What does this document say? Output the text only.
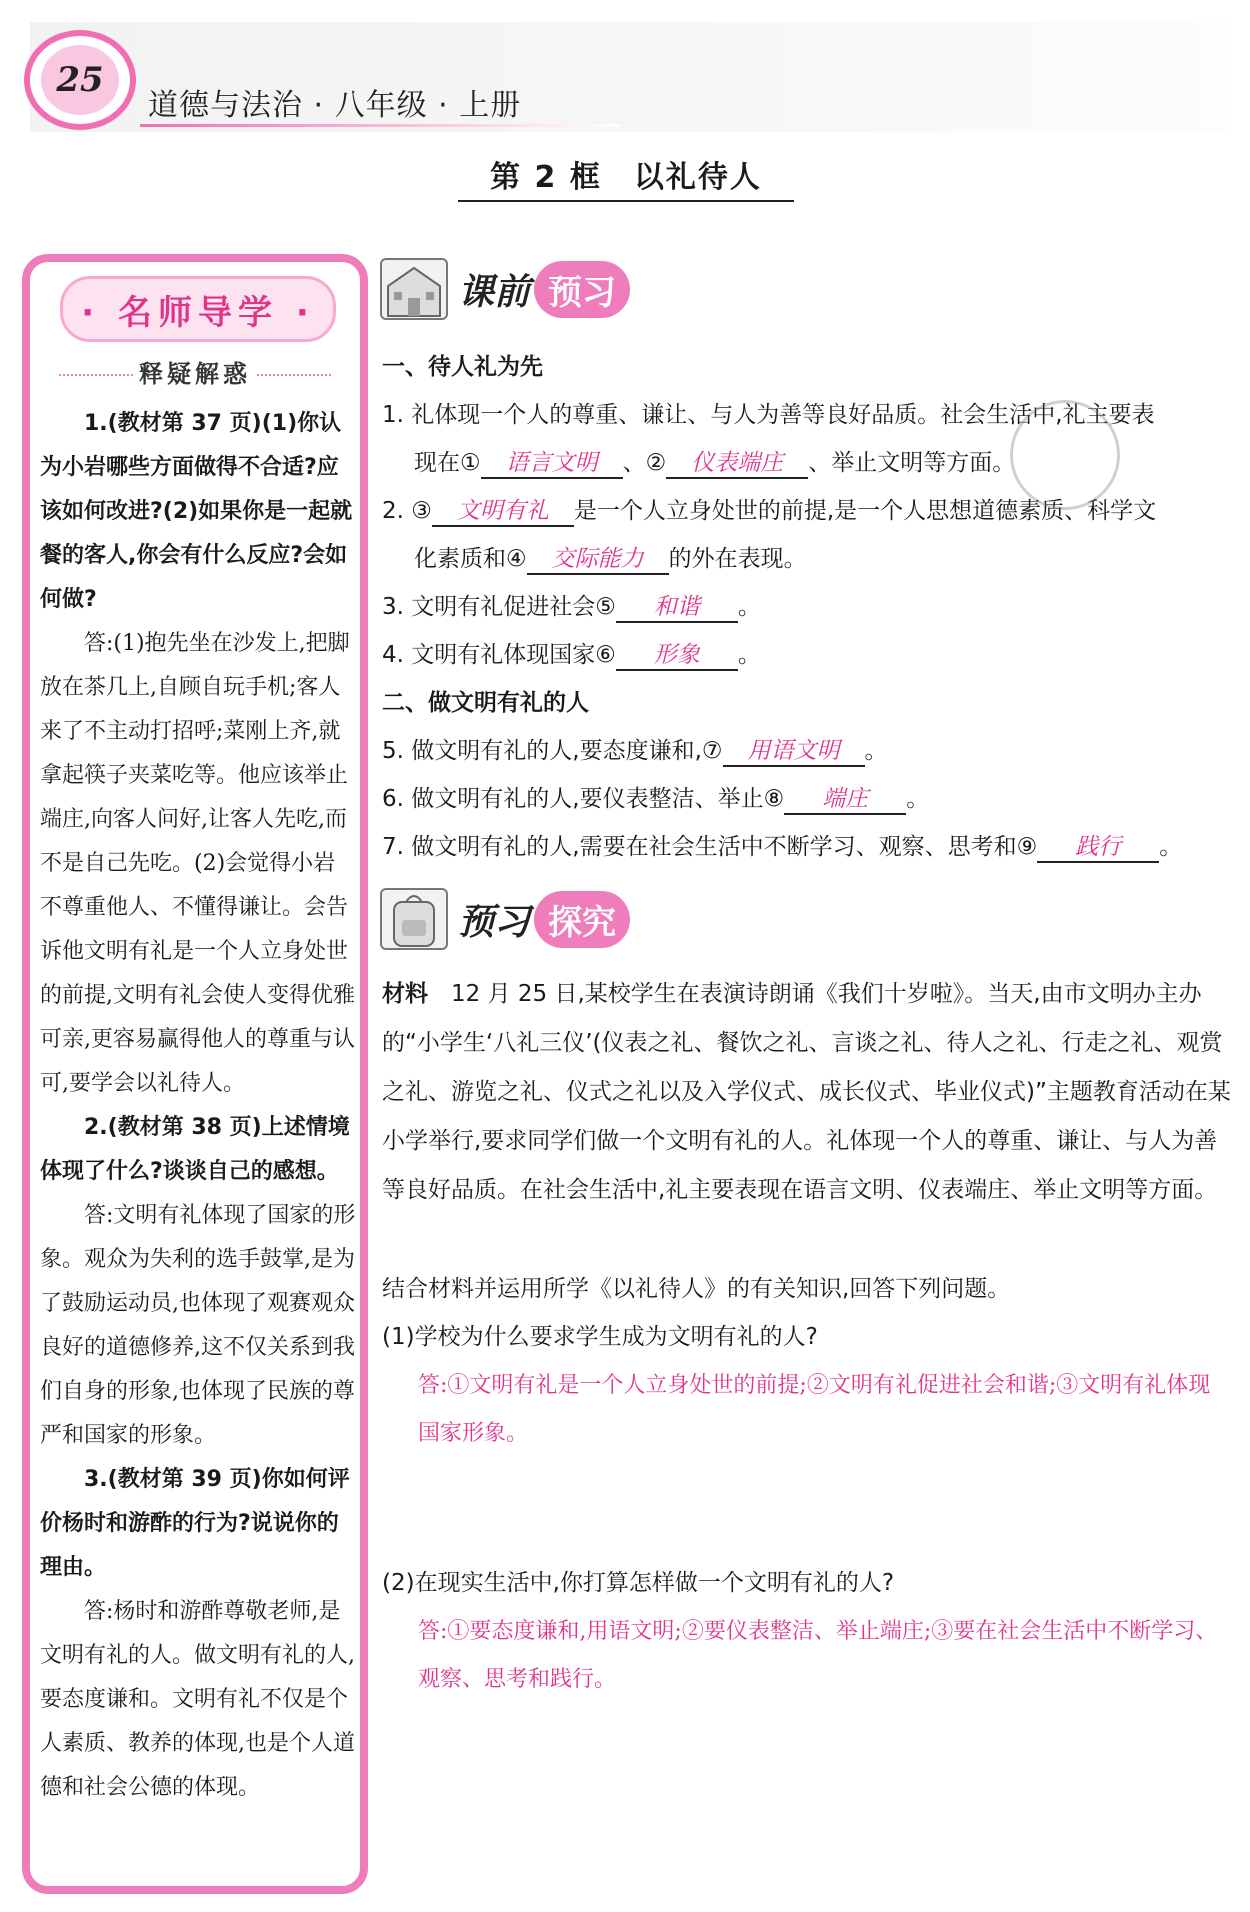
25
道德与法治 · 八年级 · 上册
第 2 框　以礼待人
· 名师导学 ·
释疑解惑
1.(教材第 37 页)(1)你认为小岩哪些方面做得不合适?应该如何改进?(2)如果你是一起就餐的客人,你会有什么反应?会如何做?
答:(1)抱先坐在沙发上,把脚放在茶几上,自顾自玩手机;客人来了不主动打招呼;菜刚上齐,就拿起筷子夹菜吃等。他应该举止端庄,向客人问好,让客人先吃,而不是自己先吃。(2)会觉得小岩不尊重他人、不懂得谦让。会告诉他文明有礼是一个人立身处世的前提,文明有礼会使人变得优雅可亲,更容易赢得他人的尊重与认可,要学会以礼待人。
2.(教材第 38 页)上述情境体现了什么?谈谈自己的感想。
答:文明有礼体现了国家的形象。观众为失利的选手鼓掌,是为了鼓励运动员,也体现了观赛观众良好的道德修养,这不仅关系到我们自身的形象,也体现了民族的尊严和国家的形象。
3.(教材第 39 页)你如何评价杨时和游酢的行为?说说你的理由。
答:杨时和游酢尊敬老师,是文明有礼的人。做文明有礼的人,要态度谦和。文明有礼不仅是个人素质、教养的体现,也是个人道德和社会公德的体现。
课前 预习
一、待人礼为先
1. 礼体现一个人的尊重、谦让、与人为善等良好品质。社会生活中,礼主要表
现在① 语言文明 、② 仪表端庄 、举止文明等方面。
2. ③ 文明有礼 是一个人立身处世的前提,是一个人思想道德素质、科学文
化素质和④ 交际能力 的外在表现。
3. 文明有礼促进社会⑤ 和谐 。
4. 文明有礼体现国家⑥ 形象 。
二、做文明有礼的人
5. 做文明有礼的人,要态度谦和,⑦ 用语文明 。
6. 做文明有礼的人,要仪表整洁、举止⑧ 端庄 。
7. 做文明有礼的人,需要在社会生活中不断学习、观察、思考和⑨ 践行 。
预习 探究
材料　 12 月 25 日,某校学生在表演诗朗诵《我们十岁啦》。当天,由市文明办主办的“小学生‘八礼三仪’(仪表之礼、餐饮之礼、言谈之礼、待人之礼、行走之礼、观赏之礼、游览之礼、仪式之礼以及入学仪式、成长仪式、毕业仪式)”主题教育活动在某小学举行,要求同学们做一个文明有礼的人。礼体现一个人的尊重、谦让、与人为善等良好品质。在社会生活中,礼主要表现在语言文明、仪表端庄、举止文明等方面。
结合材料并运用所学《以礼待人》的有关知识,回答下列问题。
(1)学校为什么要求学生成为文明有礼的人?
答:①文明有礼是一个人立身处世的前提;②文明有礼促进社会和谐;③文明有礼体现国家形象。
(2)在现实生活中,你打算怎样做一个文明有礼的人?
答:①要态度谦和,用语文明;②要仪表整洁、举止端庄;③要在社会生活中不断学习、观察、思考和践行。
